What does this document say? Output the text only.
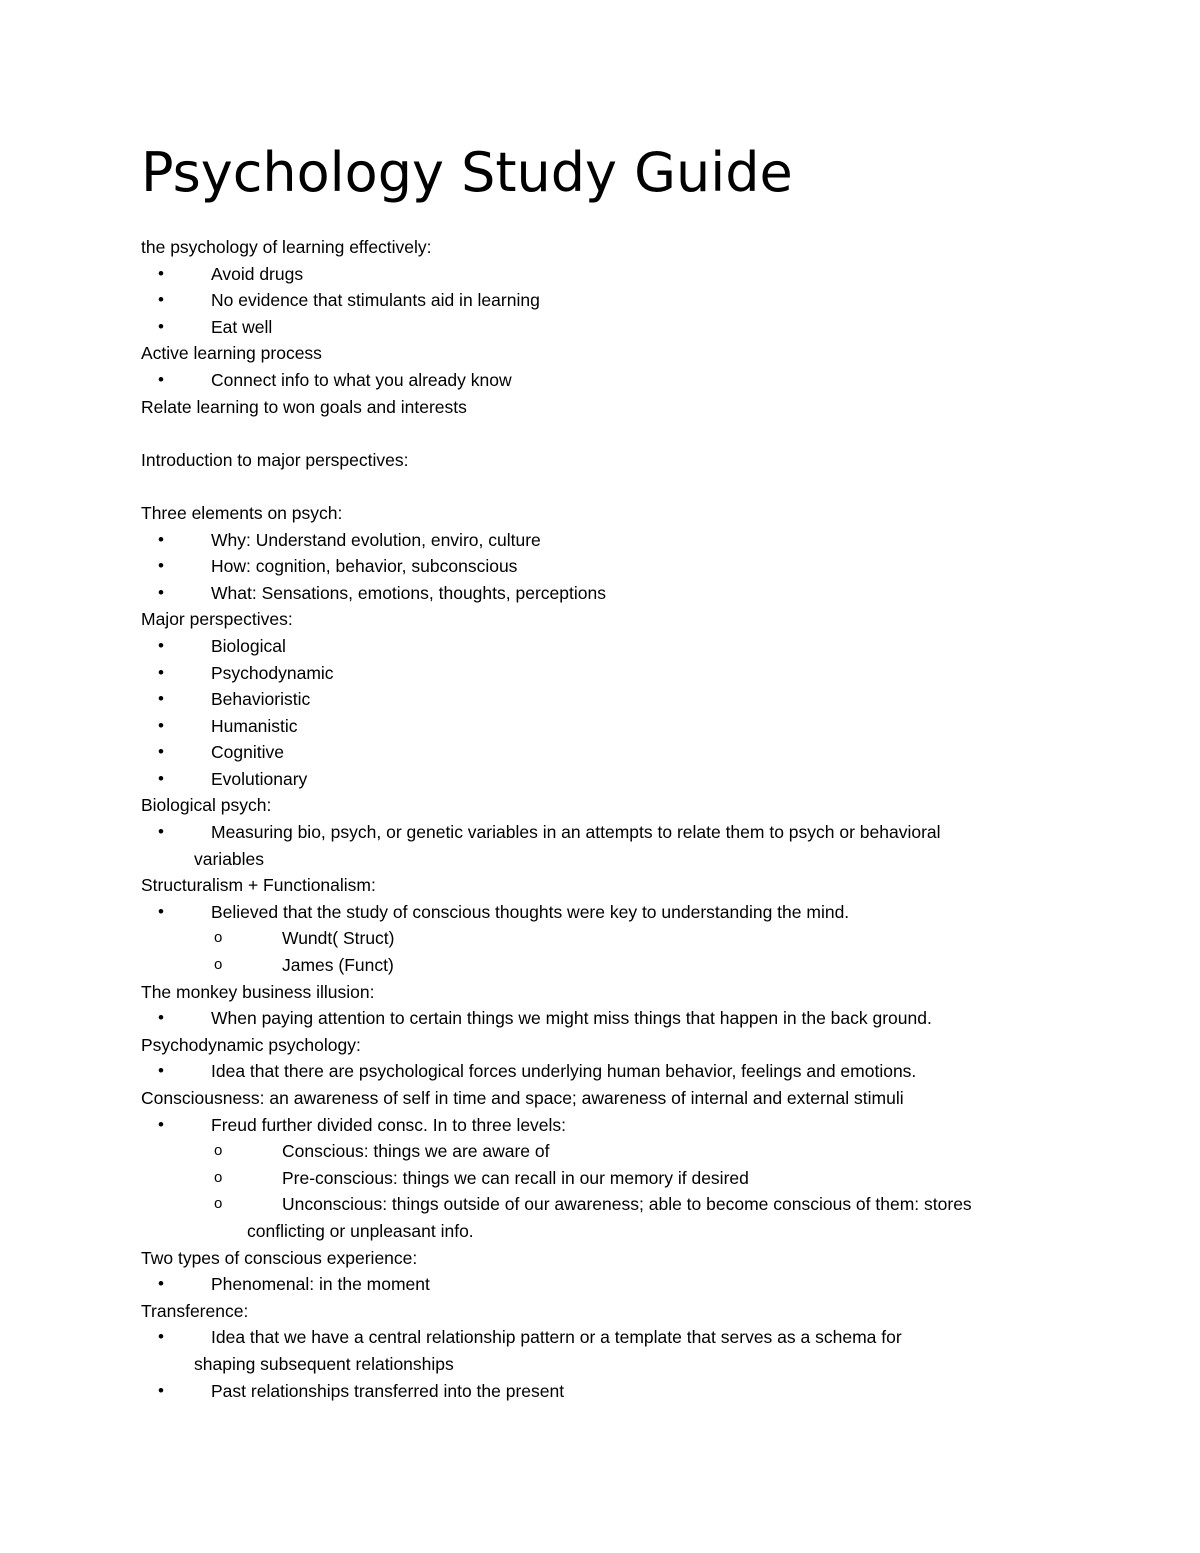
Psychology Study Guide
the psychology of learning effectively:
•	Avoid drugs
•	No evidence that stimulants aid in learning
•	Eat well
Active learning process
•	Connect info to what you already know
Relate learning to won goals and interests
Introduction to major perspectives:
Three elements on psych:
•	Why: Understand evolution, enviro, culture
•	How: cognition, behavior, subconscious
•	What: Sensations, emotions, thoughts, perceptions
Major perspectives:
•	Biological
•	Psychodynamic
•	Behavioristic
•	Humanistic
•	Cognitive
•	Evolutionary
Biological psych:
•	Measuring bio, psych, or genetic variables in an attempts to relate them to psych or behavioral
variables
Structuralism + Functionalism:
•	Believed that the study of conscious thoughts were key to understanding the mind.
o	Wundt( Struct)
o	James (Funct)
The monkey business illusion:
•	When paying attention to certain things we might miss things that happen in the back ground.
Psychodynamic psychology:
•	Idea that there are psychological forces underlying human behavior, feelings and emotions.
Consciousness: an awareness of self in time and space; awareness of internal and external stimuli
•	Freud further divided consc. In to three levels:
o	Conscious: things we are aware of
o	Pre-conscious: things we can recall in our memory if desired
o	Unconscious: things outside of our awareness; able to become conscious of them: stores
conflicting or unpleasant info.
Two types of conscious experience:
•	Phenomenal: in the moment
Transference:
•	Idea that we have a central relationship pattern or a template that serves as a schema for
shaping subsequent relationships
•	Past relationships transferred into the present
